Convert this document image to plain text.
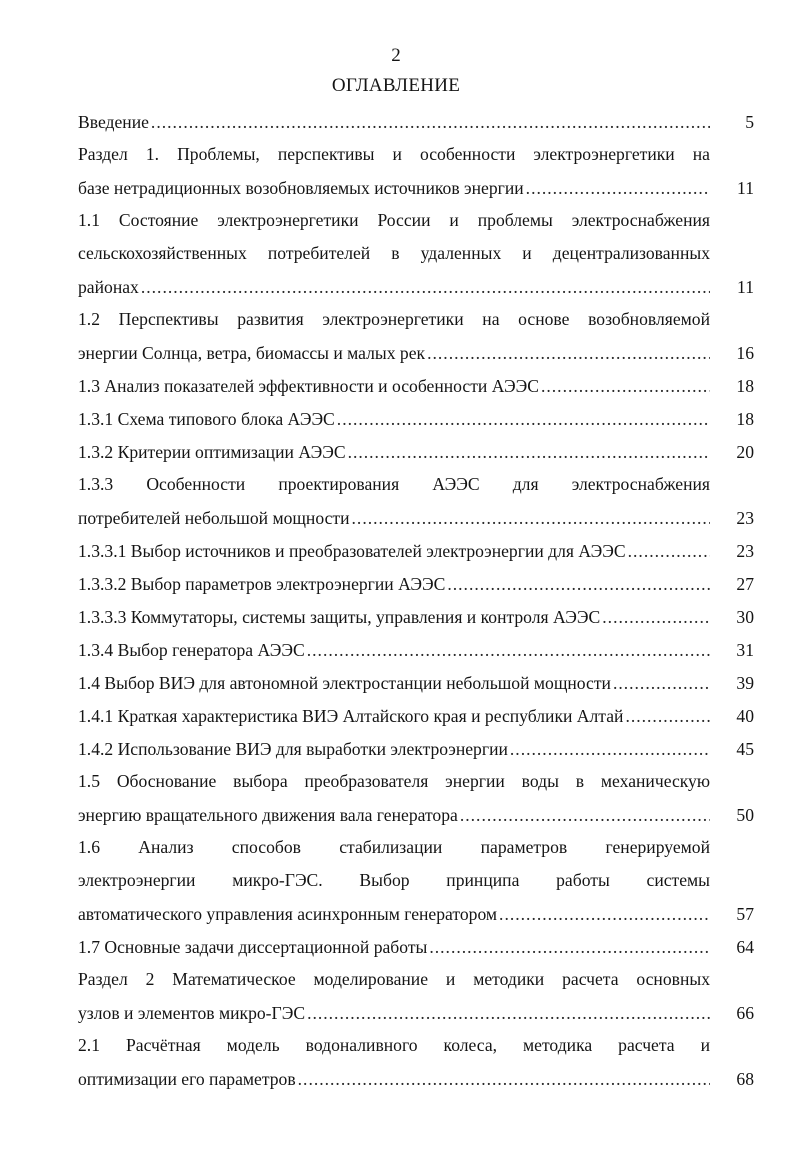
2
ОГЛАВЛЕНИЕ
Введение .....	5
Раздел 1. Проблемы, перспективы и особенности электроэнергетики на
базе нетрадиционных возобновляемых источников энергии .....	11
1.1 Состояние электроэнергетики России и проблемы электроснабжения
сельскохозяйственных потребителей в удаленных и децентрализованных
районах .....	11
1.2 Перспективы развития электроэнергетики на основе возобновляемой
энергии Солнца, ветра, биомассы и малых рек .....	16
1.3 Анализ показателей эффективности и особенности АЭЭС .....	18
1.3.1 Схема типового блока АЭЭС .....	18
1.3.2 Критерии оптимизации АЭЭС .....	20
1.3.3 Особенности проектирования АЭЭС для электроснабжения
потребителей небольшой мощности .....	23
1.3.3.1 Выбор источников и преобразователей электроэнергии для АЭЭС .....	23
1.3.3.2 Выбор параметров электроэнергии АЭЭС .....	27
1.3.3.3 Коммутаторы, системы защиты, управления и контроля АЭЭС .....	30
1.3.4 Выбор генератора АЭЭС .....	31
1.4 Выбор ВИЭ для автономной электростанции небольшой мощности .....	39
1.4.1 Краткая характеристика ВИЭ Алтайского края и республики Алтай .....	40
1.4.2 Использование ВИЭ для выработки электроэнергии .....	45
1.5 Обоснование выбора преобразователя энергии воды в механическую
энергию вращательного движения вала генератора .....	50
1.6 Анализ способов стабилизации параметров генерируемой
электроэнергии микро-ГЭС. Выбор принципа работы системы
автоматического управления асинхронным генератором .....	57
1.7 Основные задачи диссертационной работы .....	64
Раздел 2 Математическое моделирование и методики расчета основных
узлов и элементов микро-ГЭС .....	66
2.1 Расчётная модель водоналивного колеса, методика расчета и
оптимизации его параметров .....	68
